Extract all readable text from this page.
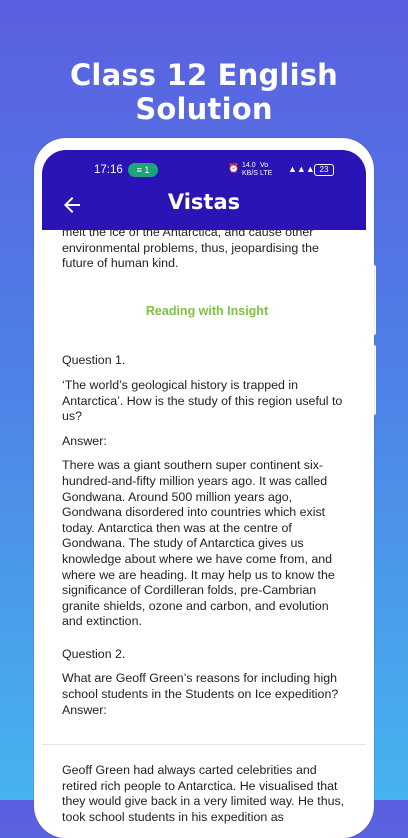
Class 12 English Solution
17:16	≡ 1	⏰ 14.0
KB/S
Vo
LTE ▲▲▲ 23
Vistas

melt the ice of the Antarctica, and cause other environmental problems, thus, jeopardising the future of human kind.

Reading with Insight

Question 1.

‘The world’s geological history is trapped in Antarctica’. How is the study of this region useful to us?

Answer:

There was a giant southern super continent six-hundred-and-fifty million years ago. It was called Gondwana. Around 500 million years ago, Gondwana disordered into countries which exist today. Antarctica then was at the centre of Gondwana. The study of Antarctica gives us knowledge about where we have come from, and where we are heading. It may help us to know the significance of Cordilleran folds, pre-Cambrian granite shields, ozone and carbon, and evolution and extinction.

Question 2.

What are Geoff Green’s reasons for including high school students in the Students on Ice expedition?

Answer:

Geoff Green had always carted celebrities and retired rich people to Antarctica. He visualised that they would give back in a very limited way. He thus, took school students in his expedition as
